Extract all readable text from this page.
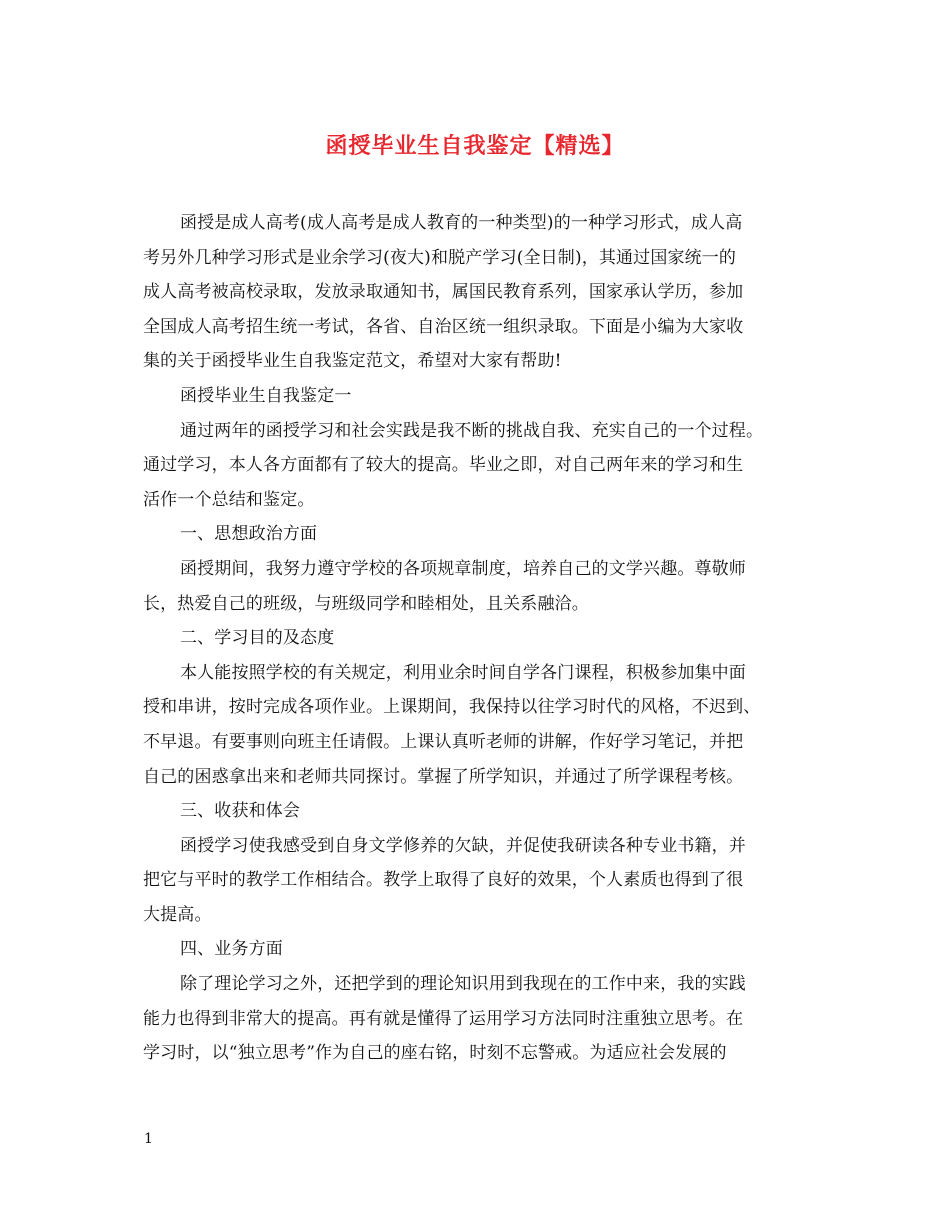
函授毕业生自我鉴定【精选】
函授是成人高考(成人高考是成人教育的一种类型)的一种学习形式，成人高
考另外几种学习形式是业余学习(夜大)和脱产学习(全日制)，其通过国家统一的
成人高考被高校录取，发放录取通知书，属国民教育系列，国家承认学历，参加
全国成人高考招生统一考试，各省、自治区统一组织录取。下面是小编为大家收
集的关于函授毕业生自我鉴定范文，希望对大家有帮助!
函授毕业生自我鉴定一
通过两年的函授学习和社会实践是我不断的挑战自我、充实自己的一个过程。
通过学习，本人各方面都有了较大的提高。毕业之即，对自己两年来的学习和生
活作一个总结和鉴定。
一、思想政治方面
函授期间，我努力遵守学校的各项规章制度，培养自己的文学兴趣。尊敬师
长，热爱自己的班级，与班级同学和睦相处，且关系融洽。
二、学习目的及态度
本人能按照学校的有关规定，利用业余时间自学各门课程，积极参加集中面
授和串讲，按时完成各项作业。上课期间，我保持以往学习时代的风格，不迟到、
不早退。有要事则向班主任请假。上课认真听老师的讲解，作好学习笔记，并把
自己的困惑拿出来和老师共同探讨。掌握了所学知识，并通过了所学课程考核。
三、收获和体会
函授学习使我感受到自身文学修养的欠缺，并促使我研读各种专业书籍，并
把它与平时的教学工作相结合。教学上取得了良好的效果，个人素质也得到了很
大提高。
四、业务方面
除了理论学习之外，还把学到的理论知识用到我现在的工作中来，我的实践
能力也得到非常大的提高。再有就是懂得了运用学习方法同时注重独立思考。在
学习时，以“独立思考”作为自己的座右铭，时刻不忘警戒。为适应社会发展的
1
